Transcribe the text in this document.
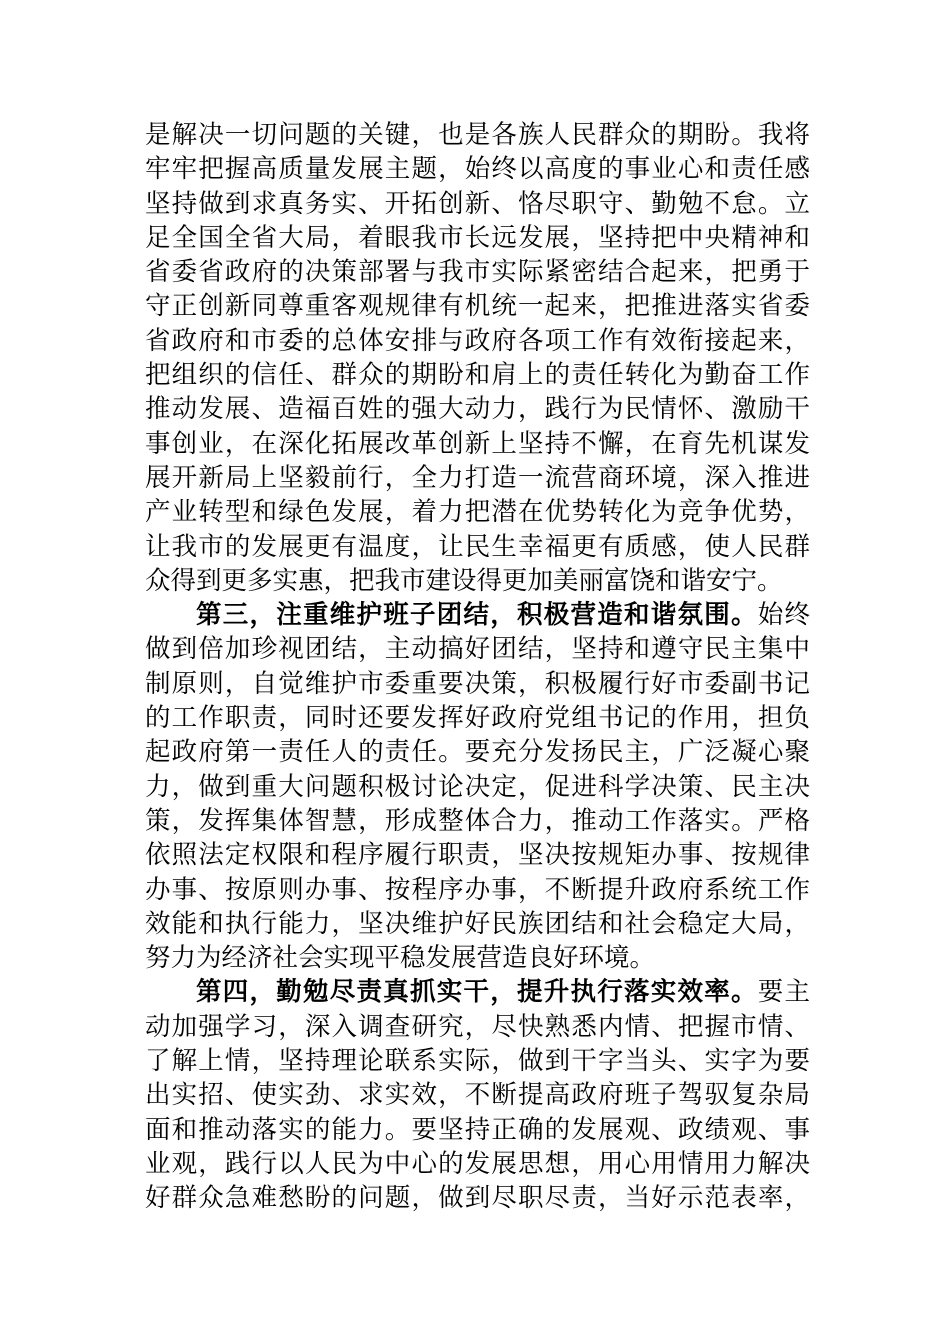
是解决一切问题的关键，也是各族人民群众的期盼。我将
牢牢把握高质量发展主题，始终以高度的事业心和责任感
坚持做到求真务实、开拓创新、恪尽职守、勤勉不怠。立
足全国全省大局，着眼我市长远发展，坚持把中央精神和
省委省政府的决策部署与我市实际紧密结合起来，把勇于
守正创新同尊重客观规律有机统一起来，把推进落实省委
省政府和市委的总体安排与政府各项工作有效衔接起来，
把组织的信任、群众的期盼和肩上的责任转化为勤奋工作
推动发展、造福百姓的强大动力，践行为民情怀、激励干
事创业，在深化拓展改革创新上坚持不懈，在育先机谋发
展开新局上坚毅前行，全力打造一流营商环境，深入推进
产业转型和绿色发展，着力把潜在优势转化为竞争优势，
让我市的发展更有温度，让民生幸福更有质感，使人民群
众得到更多实惠，把我市建设得更加美丽富饶和谐安宁。
第三，注重维护班子团结，积极营造和谐氛围。始终
做到倍加珍视团结，主动搞好团结，坚持和遵守民主集中
制原则，自觉维护市委重要决策，积极履行好市委副书记
的工作职责，同时还要发挥好政府党组书记的作用，担负
起政府第一责任人的责任。要充分发扬民主，广泛凝心聚
力，做到重大问题积极讨论决定，促进科学决策、民主决
策，发挥集体智慧，形成整体合力，推动工作落实。严格
依照法定权限和程序履行职责，坚决按规矩办事、按规律
办事、按原则办事、按程序办事，不断提升政府系统工作
效能和执行能力，坚决维护好民族团结和社会稳定大局，
努力为经济社会实现平稳发展营造良好环境。
第四，勤勉尽责真抓实干，提升执行落实效率。要主
动加强学习，深入调查研究，尽快熟悉内情、把握市情、
了解上情，坚持理论联系实际，做到干字当头、实字为要
出实招、使实劲、求实效，不断提高政府班子驾驭复杂局
面和推动落实的能力。要坚持正确的发展观、政绩观、事
业观，践行以人民为中心的发展思想，用心用情用力解决
好群众急难愁盼的问题，做到尽职尽责，当好示范表率，
